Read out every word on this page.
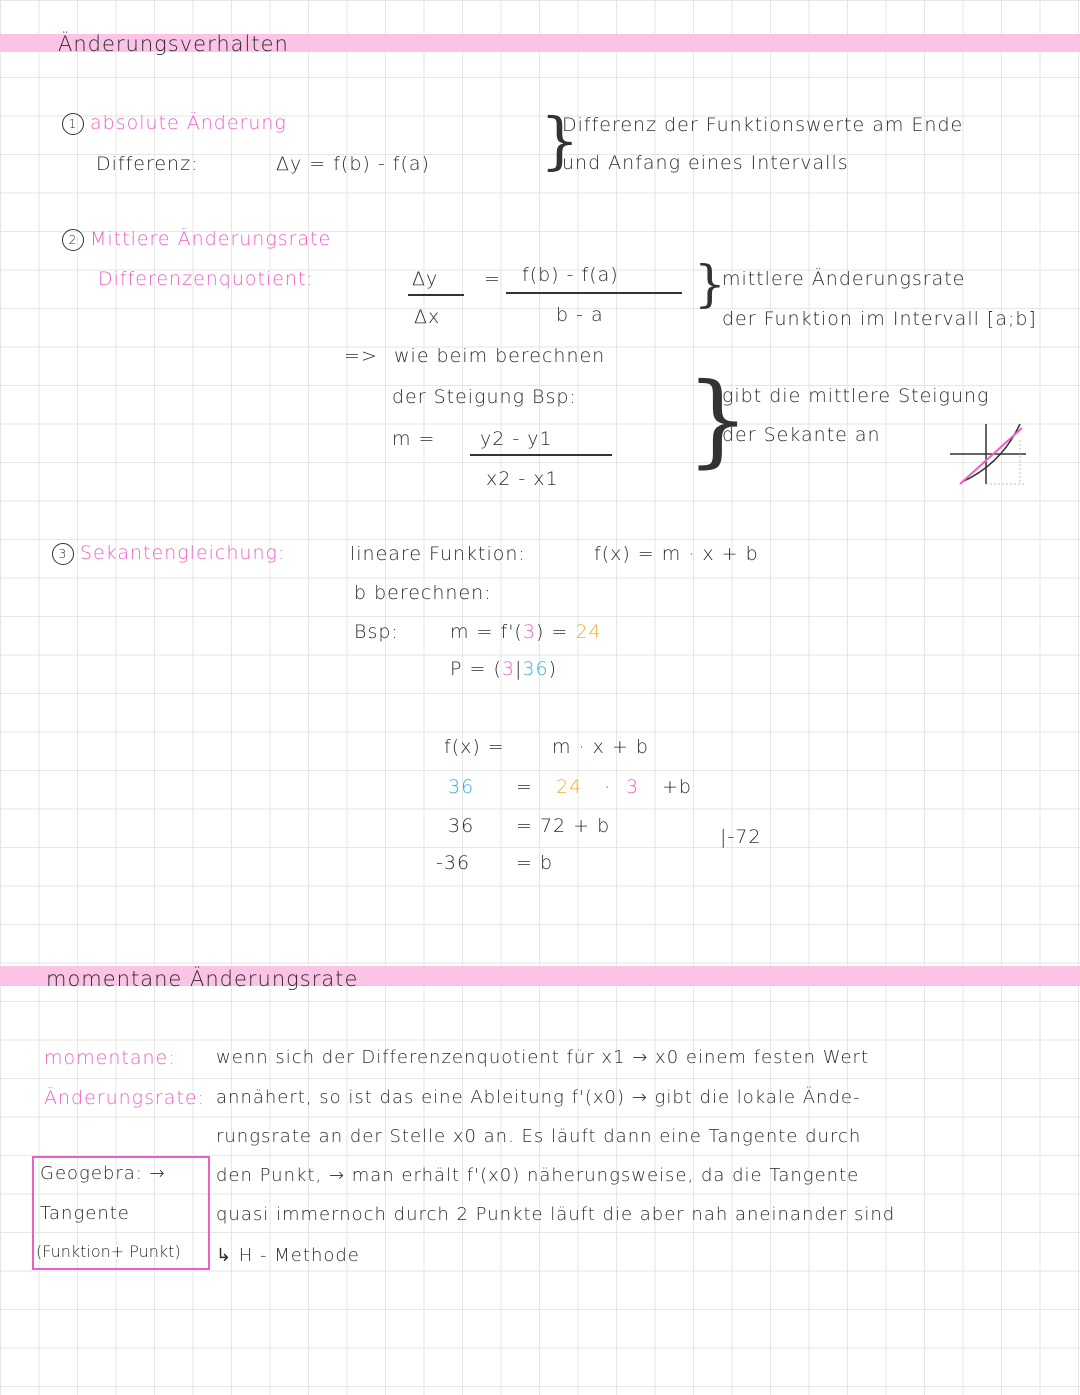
Änderungsverhalten
1 absolute Änderung
Differenz:	Δy = f(b) - f(a) }
Differenz der Funktionswerte am Ende
und Anfang eines Intervalls
2 Mittlere Änderungsrate
Differenzenquotient:	Δy
Δx
= f(b) - f(a)
b - a
}
mittlere Änderungsrate
der Funktion im Intervall [a;b]
=> wie beim berechnen
der Steigung Bsp:
m = y2 - y1
x2 - x1
}
gibt die mittlere Steigung
der Sekante an
3 Sekantengleichung:	lineare Funktion:	f(x) = m · x + b
b berechnen:
Bsp:	m = f'(3) = 24
P = (3|36)
f(x) = m · x + b
36 = 24 · 3 +b
36 = 72 + b	|-72
-36 = b
momentane Änderungsrate
momentane:
Änderungsrate:
wenn sich der Differenzenquotient für x1 → x0 einem festen Wert
annähert, so ist das eine Ableitung f'(x0) → gibt die lokale Ände-
rungsrate an der Stelle x0 an. Es läuft dann eine Tangente durch
den Punkt, → man erhält f'(x0) näherungsweise, da die Tangente
quasi immernoch durch 2 Punkte läuft die aber nah aneinander sind
↳ H - Methode
Geogebra: →
Tangente
(Funktion+ Punkt)
